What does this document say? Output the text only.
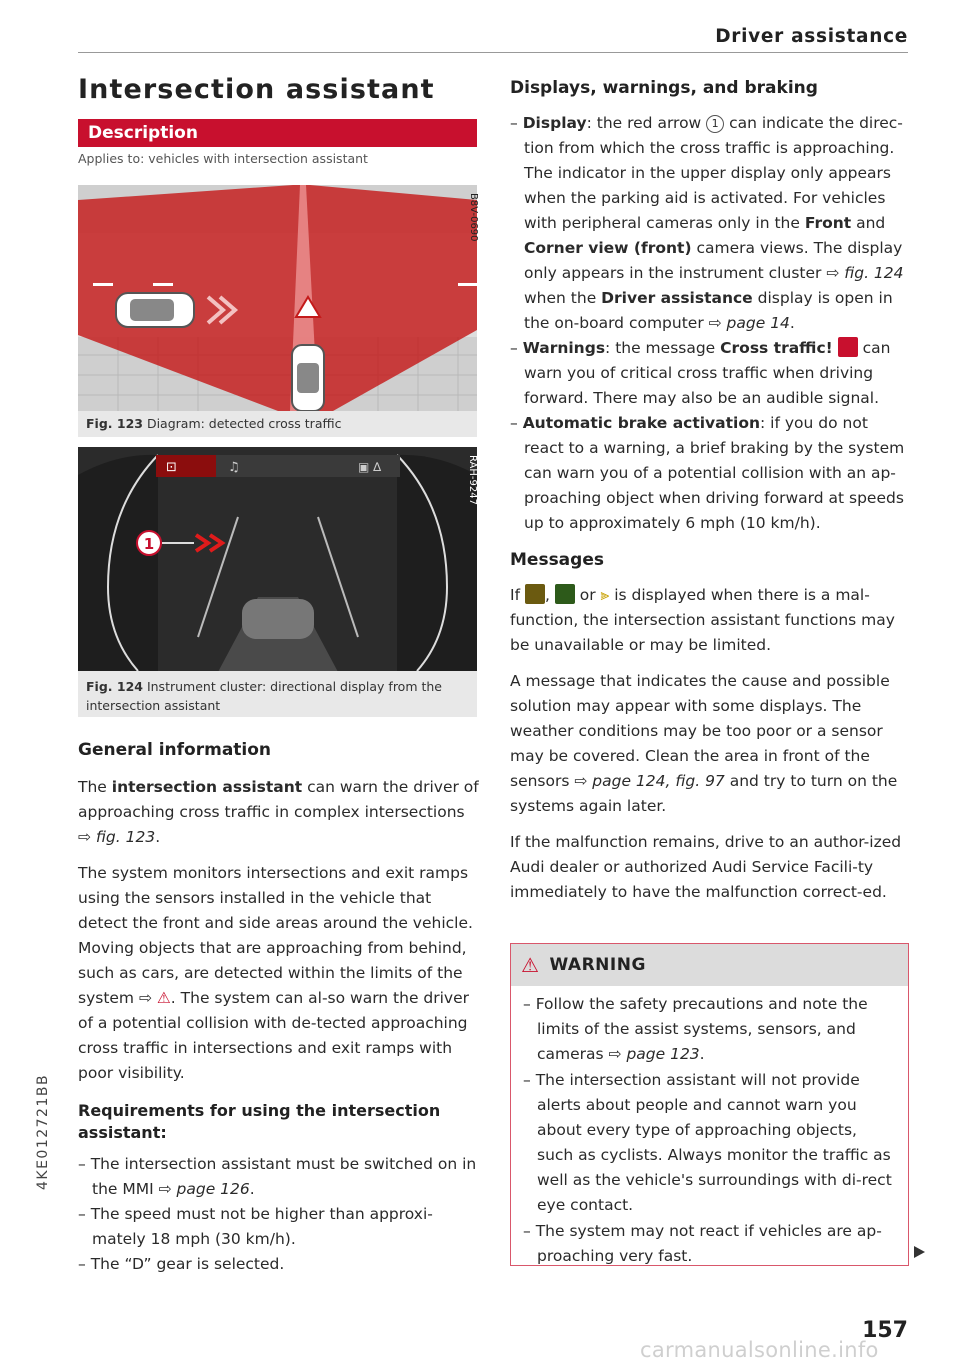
Driver assistance
Intersection assistant
Description
Applies to: vehicles with intersection assistant
B8V-0690
Fig. 123 Diagram: detected cross traffic
⊡	♫	▣ ∆
1
RAH-9247
Fig. 124 Instrument cluster: directional display from the intersection assistant
General information

The intersection assistant can warn the driver of approaching cross traffic in complex intersections ⇨ fig. 123.

The system monitors intersections and exit ramps using the sensors installed in the vehicle that detect the front and side areas around the vehicle. Moving objects that are approaching from behind, such as cars, are detected within the limits of the system ⇨ ⚠. The system can al-so warn the driver of a potential collision with de-tected approaching cross traffic in intersections and exit ramps with poor visibility.

Requirements for using the intersection assistant:
– The intersection assistant must be switched on in the MMI ⇨ page 126.
– The speed must not be higher than approxi-mately 18 mph (30 km/h).
– The “D” gear is selected.
Displays, warnings, and braking
– Display: the red arrow 1 can indicate the direc-tion from which the cross traffic is approaching. The indicator in the upper display only appears when the parking aid is activated. For vehicles with peripheral cameras only in the Front and Corner view (front) camera views. The display only appears in the instrument cluster ⇨ fig. 124 when the Driver assistance display is open in the on-board computer ⇨ page 14.
– Warnings: the message Cross traffic!  can warn you of critical cross traffic when driving forward. There may also be an audible signal.
– Automatic brake activation: if you do not react to a warning, a brief braking by the system can warn you of a potential collision with an ap-proaching object when driving forward at speeds up to approximately 6 mph (10 km/h).
Messages

If ,  or ⫸ is displayed when there is a mal-function, the intersection assistant functions may be unavailable or may be limited.

A message that indicates the cause and possible solution may appear with some displays. The weather conditions may be too poor or a sensor may be covered. Clean the area in front of the sensors ⇨ page 124, fig. 97 and try to turn on the systems again later.

If the malfunction remains, drive to an author-ized Audi dealer or authorized Audi Service Facili-ty immediately to have the malfunction correct-ed.

⚠ WARNING
– Follow the safety precautions and note the limits of the assist systems, sensors, and cameras ⇨ page 123.
– The intersection assistant will not provide alerts about people and cannot warn you about every type of approaching objects, such as cyclists. Always monitor the traffic as well as the vehicle's surroundings with di-rect eye contact.
– The system may not react if vehicles are ap-proaching very fast.
4KE012721BB
157
carmanualsonline.info
